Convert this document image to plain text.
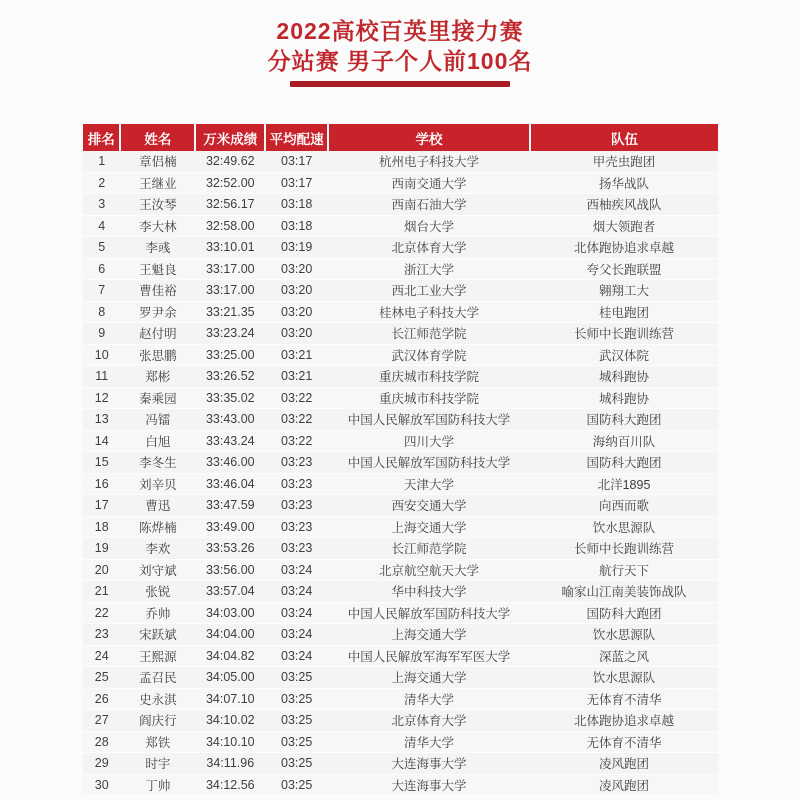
2022高校百英里接力赛
分站赛 男子个人前100名
排名	姓名	万米成绩	平均配速	学校	队伍
1	章侣楠	32:49.62	03:17	杭州电子科技大学	甲壳虫跑团
2	王继业	32:52.00	03:17	西南交通大学	扬华战队
3	王汝琴	32:56.17	03:18	西南石油大学	西柚疾风战队
4	李大林	32:58.00	03:18	烟台大学	烟大领跑者
5	李彧	33:10.01	03:19	北京体育大学	北体跑协追求卓越
6	王魁良	33:17.00	03:20	浙江大学	夸父长跑联盟
7	曹佳裕	33:17.00	03:20	西北工业大学	翱翔工大
8	罗尹余	33:21.35	03:20	桂林电子科技大学	桂电跑团
9	赵付明	33:23.24	03:20	长江师范学院	长师中长跑训练营
10	张思鹏	33:25.00	03:21	武汉体育学院	武汉体院
11	郑彬	33:26.52	03:21	重庆城市科技学院	城科跑协
12	秦乘园	33:35.02	03:22	重庆城市科技学院	城科跑协
13	冯镭	33:43.00	03:22	中国人民解放军国防科技大学	国防科大跑团
14	白旭	33:43.24	03:22	四川大学	海纳百川队
15	李冬生	33:46.00	03:23	中国人民解放军国防科技大学	国防科大跑团
16	刘辛贝	33:46.04	03:23	天津大学	北洋1895
17	曹迅	33:47.59	03:23	西安交通大学	向西而歌
18	陈烨楠	33:49.00	03:23	上海交通大学	饮水思源队
19	李欢	33:53.26	03:23	长江师范学院	长师中长跑训练营
20	刘守斌	33:56.00	03:24	北京航空航天大学	航行天下
21	张锐	33:57.04	03:24	华中科技大学	喻家山江南美装饰战队
22	乔帅	34:03.00	03:24	中国人民解放军国防科技大学	国防科大跑团
23	宋跃斌	34:04.00	03:24	上海交通大学	饮水思源队
24	王熙源	34:04.82	03:24	中国人民解放军海军军医大学	深蓝之风
25	孟召民	34:05.00	03:25	上海交通大学	饮水思源队
26	史永淇	34:07.10	03:25	清华大学	无体育不清华
27	阎庆行	34:10.02	03:25	北京体育大学	北体跑协追求卓越
28	郑铁	34:10.10	03:25	清华大学	无体育不清华
29	时宇	34:11.96	03:25	大连海事大学	凌风跑团
30	丁帅	34:12.56	03:25	大连海事大学	凌风跑团
